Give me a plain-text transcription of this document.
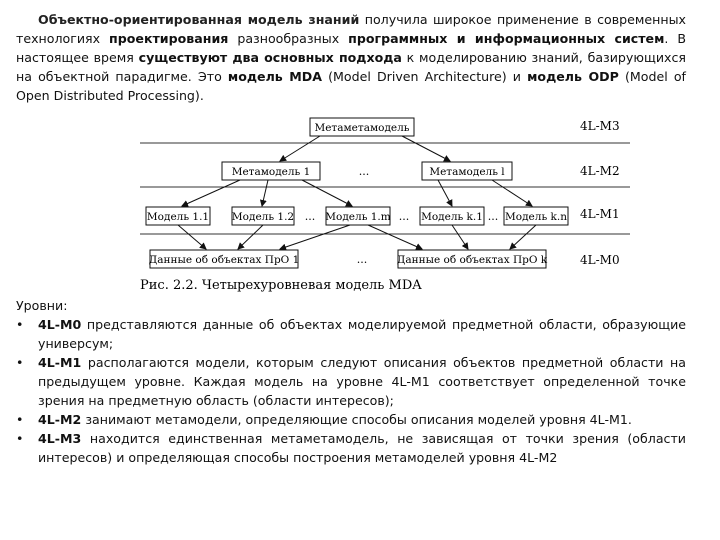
Объектно-ориентированная модель знаний получила широкое применение в современных технологиях проектирования разнообразных программных и информационных систем. В настоящее время существуют два основных подхода к моделированию знаний, базирующихся на объектной парадигме. Это модель MDA (Model Driven Architecture) и модель ODP (Model of Open Distributed Processing).
4L-M3
4L-M2
4L-M1
4L-M0
Метаметамодель
Метамодель 1	...	Метамодель l
Модель 1.1 Модель 1.2 ... Модель 1.m ... Модель k.1 ... Модель k.n
Данные об объектах ПрО 1	...	Данные об объектах ПрО k
Рис. 2.2. Четырехуровневая модель MDA

Уровни:

• 4L-M0 представляются данные об объектах моделируемой предметной области, образующие универсум;
• 4L-M1 располагаются модели, которым следуют описания объектов предметной области на предыдущем уровне. Каждая модель на уровне 4L-M1 соответствует определенной точке зрения на предметную область (области интересов);
• 4L-M2 занимают метамодели, определяющие способы описания моделей уровня 4L-M1.
• 4L-M3 находится единственная метаметамодель, не зависящая от точки зрения (области интересов) и определяющая способы построения метамоделей уровня 4L-M2
